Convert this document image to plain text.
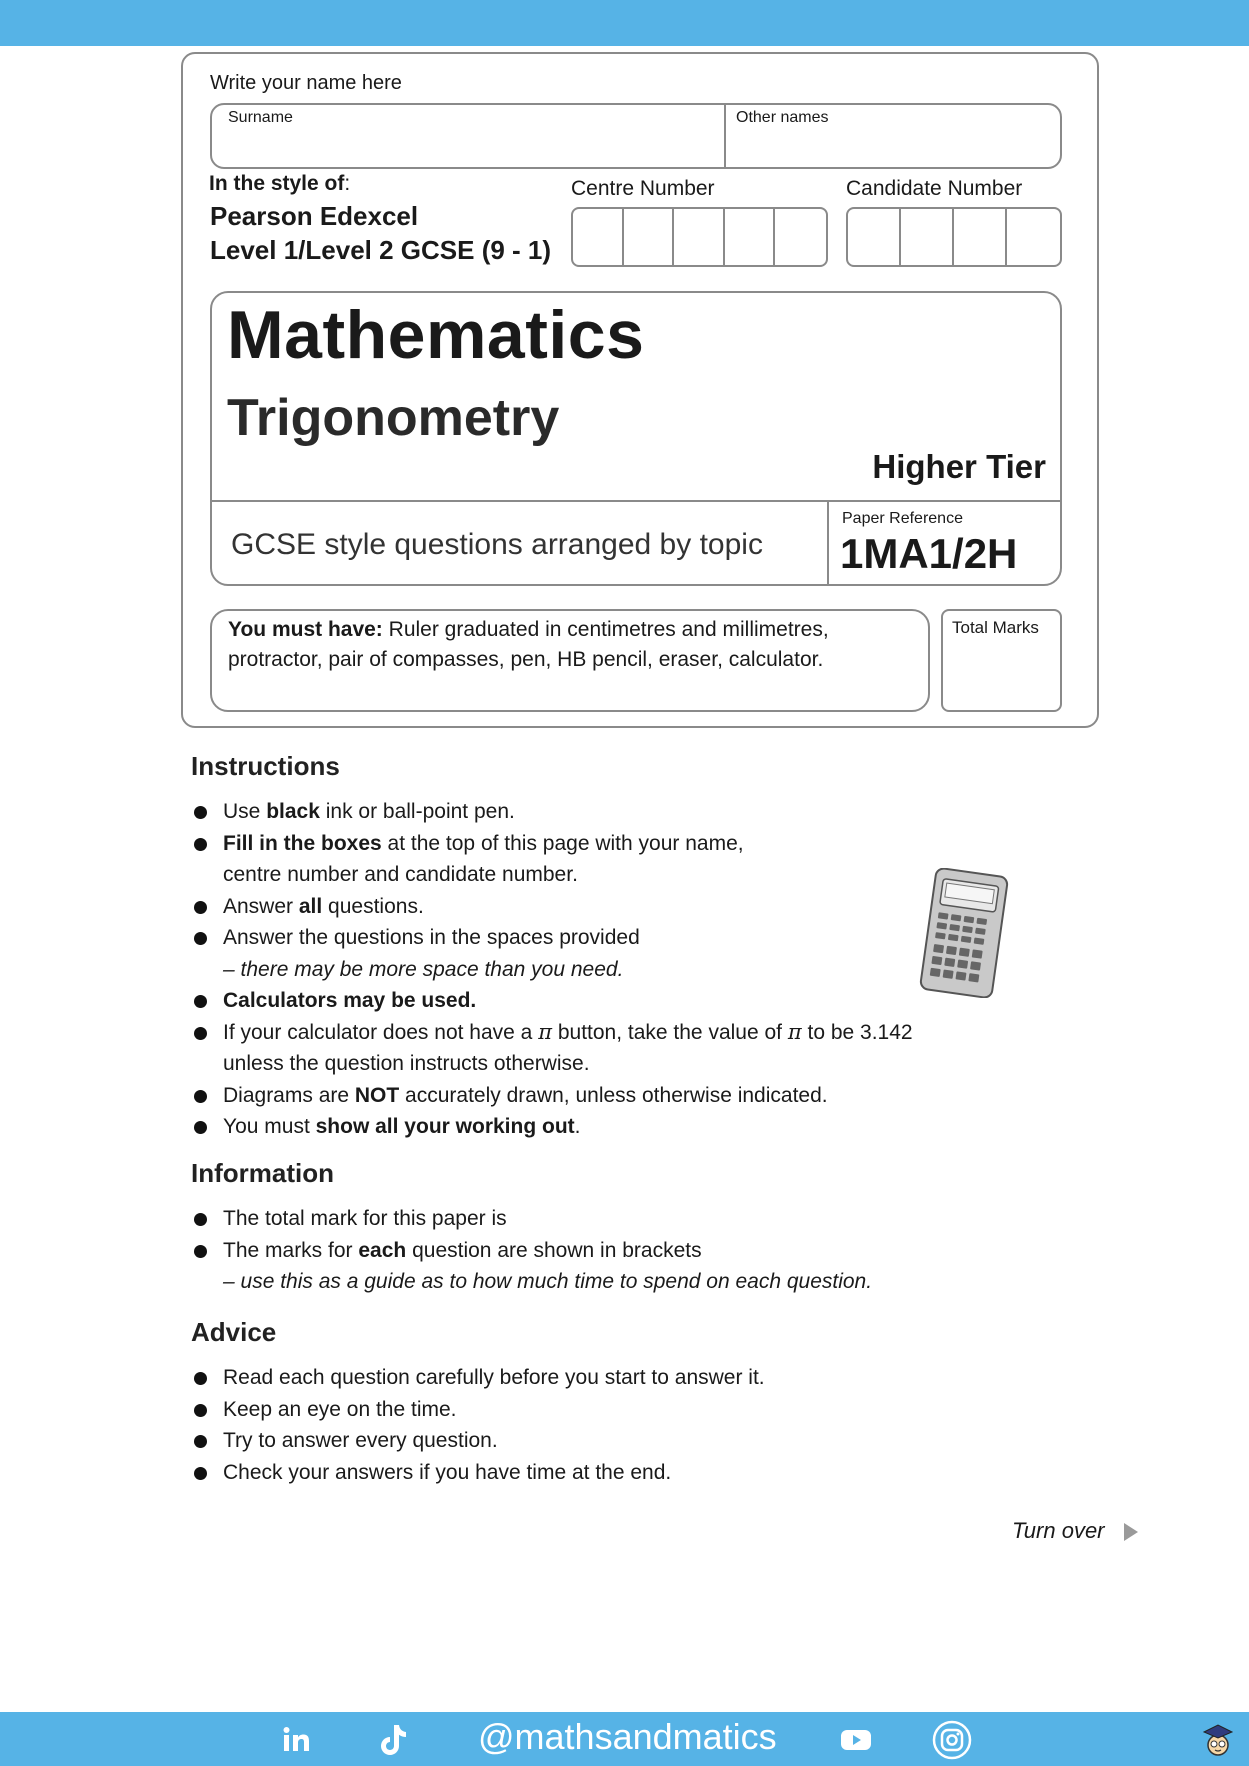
Write your name here
Surname	Other names
In the style of:
Pearson Edexcel
Level 1/Level 2 GCSE (9 - 1)
Centre Number	Candidate Number
Mathematics
Trigonometry
Higher Tier
GCSE style questions arranged by topic
Paper Reference
1MA1/2H
You must have: Ruler graduated in centimetres and millimetres, protractor, pair of compasses, pen, HB pencil, eraser, calculator.
Total Marks
Instructions
Use black ink or ball-point pen.
Fill in the boxes at the top of this page with your name,
centre number and candidate number.
Answer all questions.
Answer the questions in the spaces provided
– there may be more space than you need.
Calculators may be used.
If your calculator does not have a π button, take the value of π to be 3.142
unless the question instructs otherwise.
Diagrams are NOT accurately drawn, unless otherwise indicated.
You must show all your working out.
Information
The total mark for this paper is
The marks for each question are shown in brackets
– use this as a guide as to how much time to spend on each question.
Advice
Read each question carefully before you start to answer it.
Keep an eye on the time.
Try to answer every question.
Check your answers if you have time at the end.
Turn over
@mathsandmatics
